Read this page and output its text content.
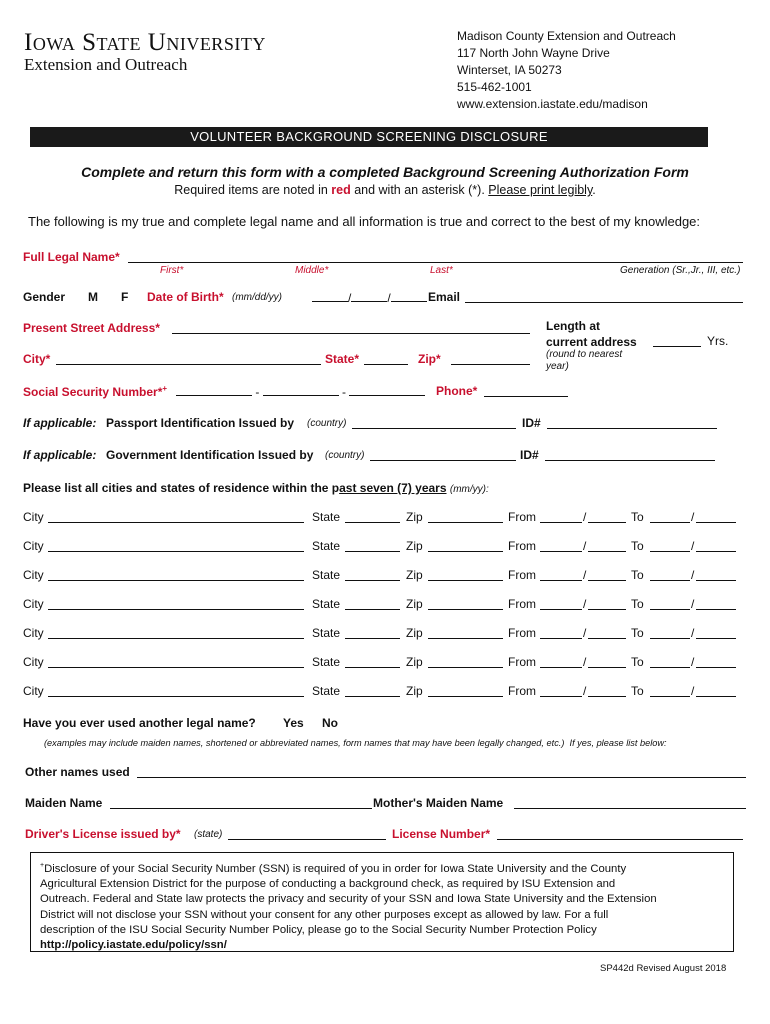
Iowa State University
Extension and Outreach
Madison County Extension and Outreach
117 North John Wayne Drive
Winterset, IA 50273
515-462-1001
www.extension.iastate.edu/madison
VOLUNTEER BACKGROUND SCREENING DISCLOSURE
Complete and return this form with a completed Background Screening Authorization Form
Required items are noted in red and with an asterisk (*). Please print legibly.
The following is my true and complete legal name and all information is true and correct to the best of my knowledge:
Full Legal Name*
First*	Middle*	Last*	Generation (Sr.,Jr., III, etc.)
Gender M F Date of Birth* (mm/dd/yy)	/	/	Email
Present Street Address*
City*	State*	Zip*
Length at
current address	Yrs.
(round to nearest
year)
Social Security Number*+	-	-	Phone*
If applicable: Passport Identification Issued by (country)	ID#
If applicable: Government Identification Issued by (country)	ID#
Please list all cities and states of residence within the past seven (7) years (mm/yy):
City	State	Zip	From	/	To	/
City	State	Zip	From	/	To	/
City	State	Zip	From	/	To	/
City	State	Zip	From	/	To	/
City	State	Zip	From	/	To	/
City	State	Zip	From	/	To	/
City	State	Zip	From	/	To	/
Have you ever used another legal name? Yes No
(examples may include maiden names, shortened or abbreviated names, form names that may have been legally changed, etc.) If yes, please list below:
Other names used
Maiden Name	Mother's Maiden Name
Driver's License issued by* (state)	License Number*
+Disclosure of your Social Security Number (SSN) is required of you in order for Iowa State University and the County
Agricultural Extension District for the purpose of conducting a background check, as required by ISU Extension and
Outreach. Federal and State law protects the privacy and security of your SSN and Iowa State University and the Extension
District will not disclose your SSN without your consent for any other purposes except as allowed by law. For a full
description of the ISU Social Security Number Policy, please go to the Social Security Number Protection Policy
http://policy.iastate.edu/policy/ssn/
SP442d Revised August 2018
